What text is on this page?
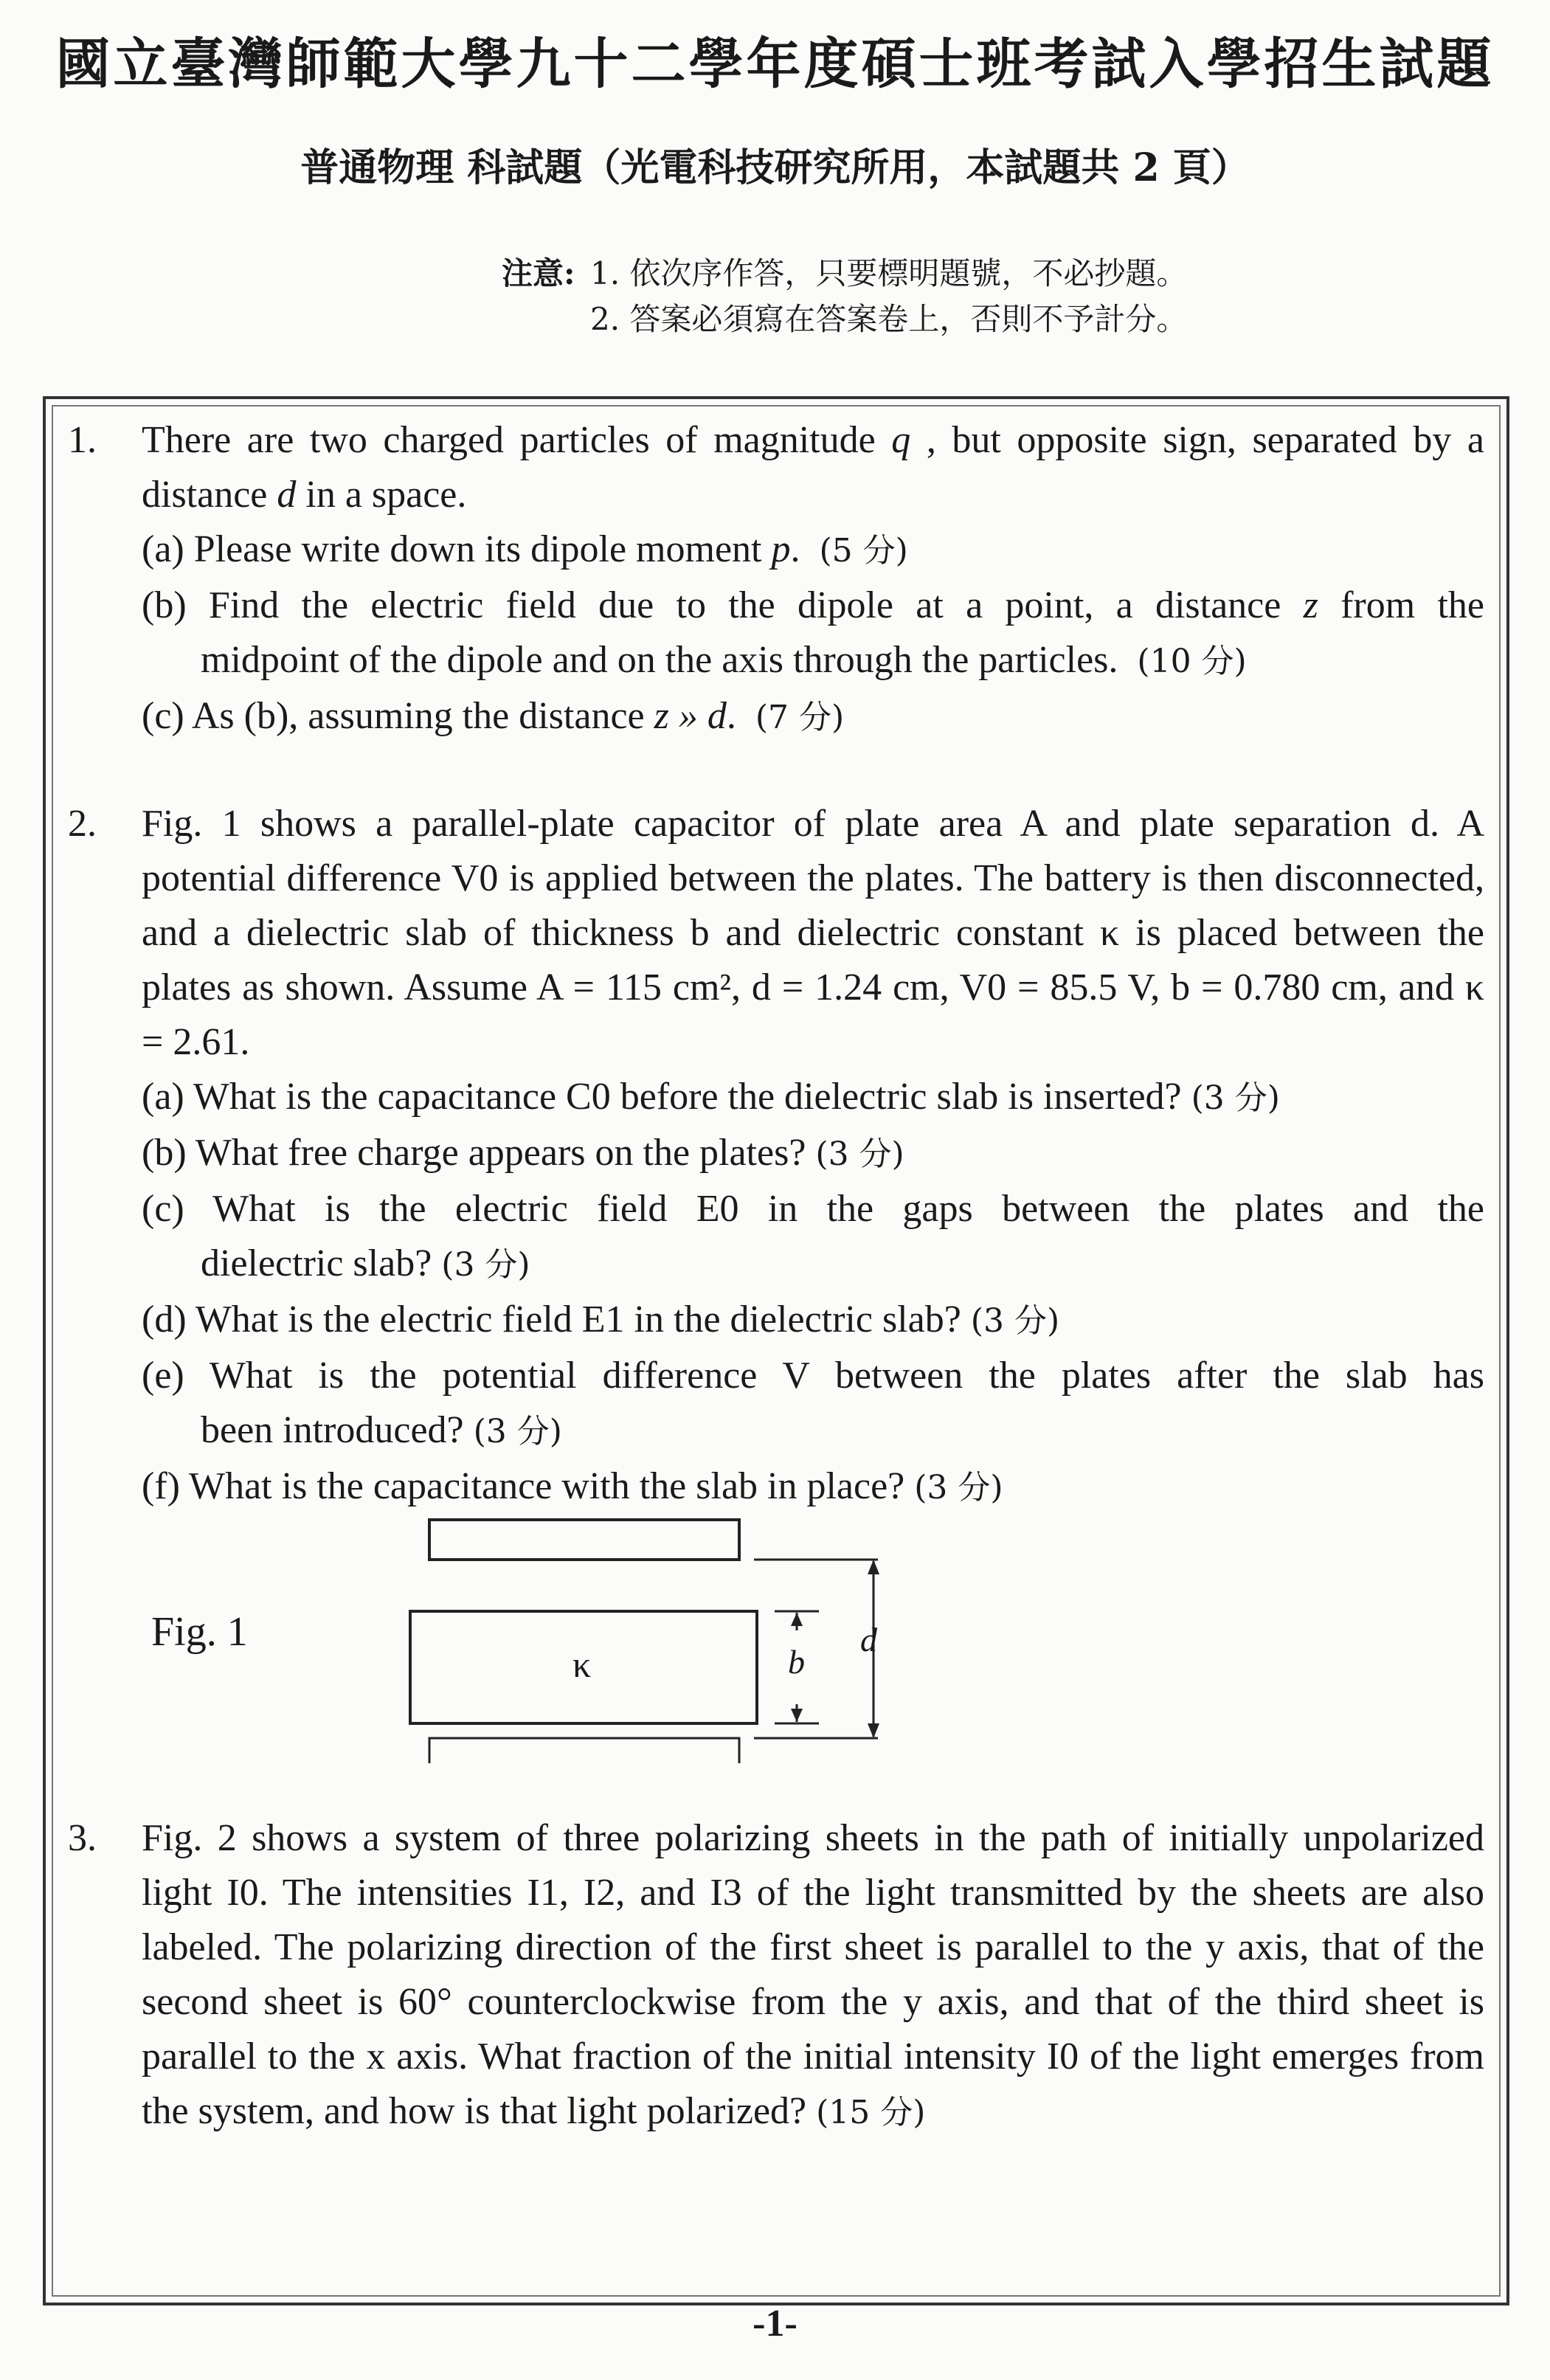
國立臺灣師範大學九十二學年度碩士班考試入學招生試題
普通物理 科試題（光電科技研究所用，本試題共 2 頁）
注意: 1. 依次序作答，只要標明題號，不必抄題。
2. 答案必須寫在答案卷上，否則不予計分。
1. There are two charged particles of magnitude q , but opposite sign, separated by a distance d in a space.
(a) Please write down its dipole moment p. (5 分)
(b) Find the electric field due to the dipole at a point, a distance z from the
midpoint of the dipole and on the axis through the particles. (10 分)
(c) As (b), assuming the distance z » d. (7 分)
2. Fig. 1 shows a parallel-plate capacitor of plate area A and plate separation d. A potential difference V0 is applied between the plates. The battery is then disconnected, and a dielectric slab of thickness b and dielectric constant κ is placed between the plates as shown. Assume A = 115 cm², d = 1.24 cm, V0 = 85.5 V, b = 0.780 cm, and κ = 2.61.
(a) What is the capacitance C0 before the dielectric slab is inserted? (3 分)
(b) What free charge appears on the plates? (3 分)
(c) What is the electric field E0 in the gaps between the plates and the
dielectric slab? (3 分)
(d) What is the electric field E1 in the dielectric slab? (3 分)
(e) What is the potential difference V between the plates after the slab has
been introduced? (3 分)
(f) What is the capacitance with the slab in place? (3 分)
Fig. 1
κ	b
d
3. Fig. 2 shows a system of three polarizing sheets in the path of initially unpolarized light I0. The intensities I1, I2, and I3 of the light transmitted by the sheets are also labeled. The polarizing direction of the first sheet is parallel to the y axis, that of the second sheet is 60° counterclockwise from the y axis, and that of the third sheet is parallel to the x axis. What fraction of the initial intensity I0 of the light emerges from the system, and how is that light polarized? (15 分)
-1-
